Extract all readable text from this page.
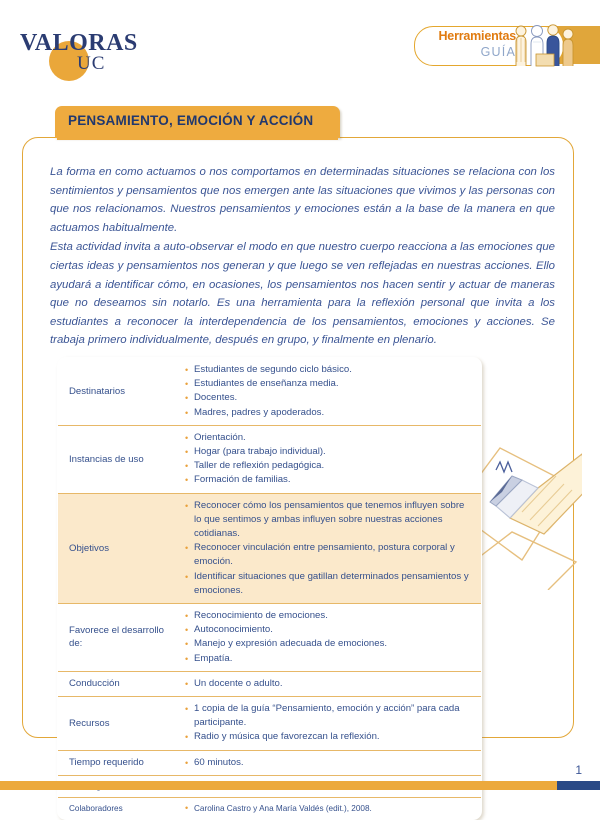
VALORAS
UC
Herramientas
GUÍA
PENSAMIENTO, EMOCIÓN Y ACCIÓN

La forma en como actuamos o nos comportamos en determinadas situaciones se relaciona con los sentimientos y pensamientos que nos emergen ante las situaciones que vivimos y las personas con que nos relacionamos. Nuestros pensamientos y emociones están a la base de la manera en que actuamos habitualmente.

Esta actividad invita a auto-observar el modo en que nuestro cuerpo reacciona a las emociones que ciertas ideas y pensamientos nos generan y que luego se ven reflejadas en nuestras acciones. Ello ayudará a identificar cómo, en ocasiones, los pensamientos nos hacen sentir y actuar de maneras que no deseamos sin notarlo. Es una herramienta para la reflexión personal que invita a los estudiantes a reconocer la interdependencia de los pensamientos, emociones y acciones. Se trabaja primero individualmente, después en grupo, y finalmente en plenario.

Destinatarios	
• Estudiantes de segundo ciclo básico.
• Estudiantes de enseñanza media.
• Docentes.
• Madres, padres y apoderados.

Instancias de uso	
• Orientación.
• Hogar (para trabajo individual).
• Taller de reflexión pedagógica.
• Formación de familias.

Objetivos	
• Reconocer cómo los pensamientos que tenemos influyen sobre lo que sentimos y ambas influyen sobre nuestras acciones cotidianas.
• Reconocer vinculación entre pensamiento, postura corporal y emoción.
• Identificar situaciones que gatillan determinados pensamientos y emociones.

Favorece el desarrollo de:	
• Reconocimiento de emociones.
• Autoconocimiento.
• Manejo y expresión adecuada de emociones.
• Empatía.

Conducción	
•Un docente o adulto.

Recursos	
• 1 copia de la guía “Pensamiento, emoción y acción” para cada participante.
• Radio y música que favorezcan la reflexión.

Tiempo requerido	
•60 minutos.

•

Colaboradores	
•Carolina Castro y Ana María Valdés (edit.), 2008.
1
